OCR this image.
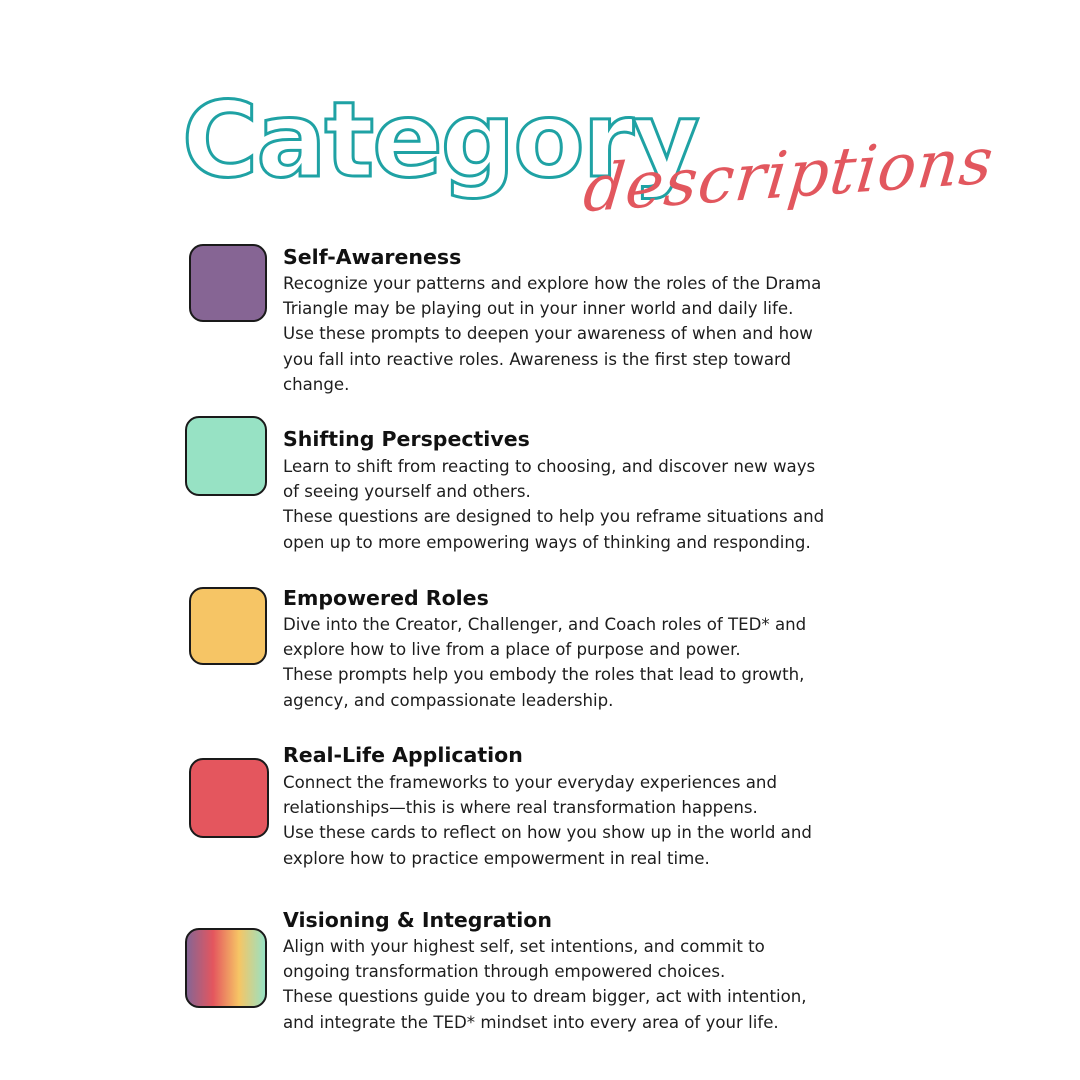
Category
descriptions
Self-Awareness
Recognize your patterns and explore how the roles of the Drama
Triangle may be playing out in your inner world and daily life.
Use these prompts to deepen your awareness of when and how
you fall into reactive roles. Awareness is the first step toward
change.
Shifting Perspectives
Learn to shift from reacting to choosing, and discover new ways
of seeing yourself and others.
These questions are designed to help you reframe situations and
open up to more empowering ways of thinking and responding.
Empowered Roles
Dive into the Creator, Challenger, and Coach roles of TED* and
explore how to live from a place of purpose and power.
These prompts help you embody the roles that lead to growth,
agency, and compassionate leadership.
Real-Life Application
Connect the frameworks to your everyday experiences and
relationships—this is where real transformation happens.
Use these cards to reflect on how you show up in the world and
explore how to practice empowerment in real time.
Visioning & Integration
Align with your highest self, set intentions, and commit to
ongoing transformation through empowered choices.
These questions guide you to dream bigger, act with intention,
and integrate the TED* mindset into every area of your life.
